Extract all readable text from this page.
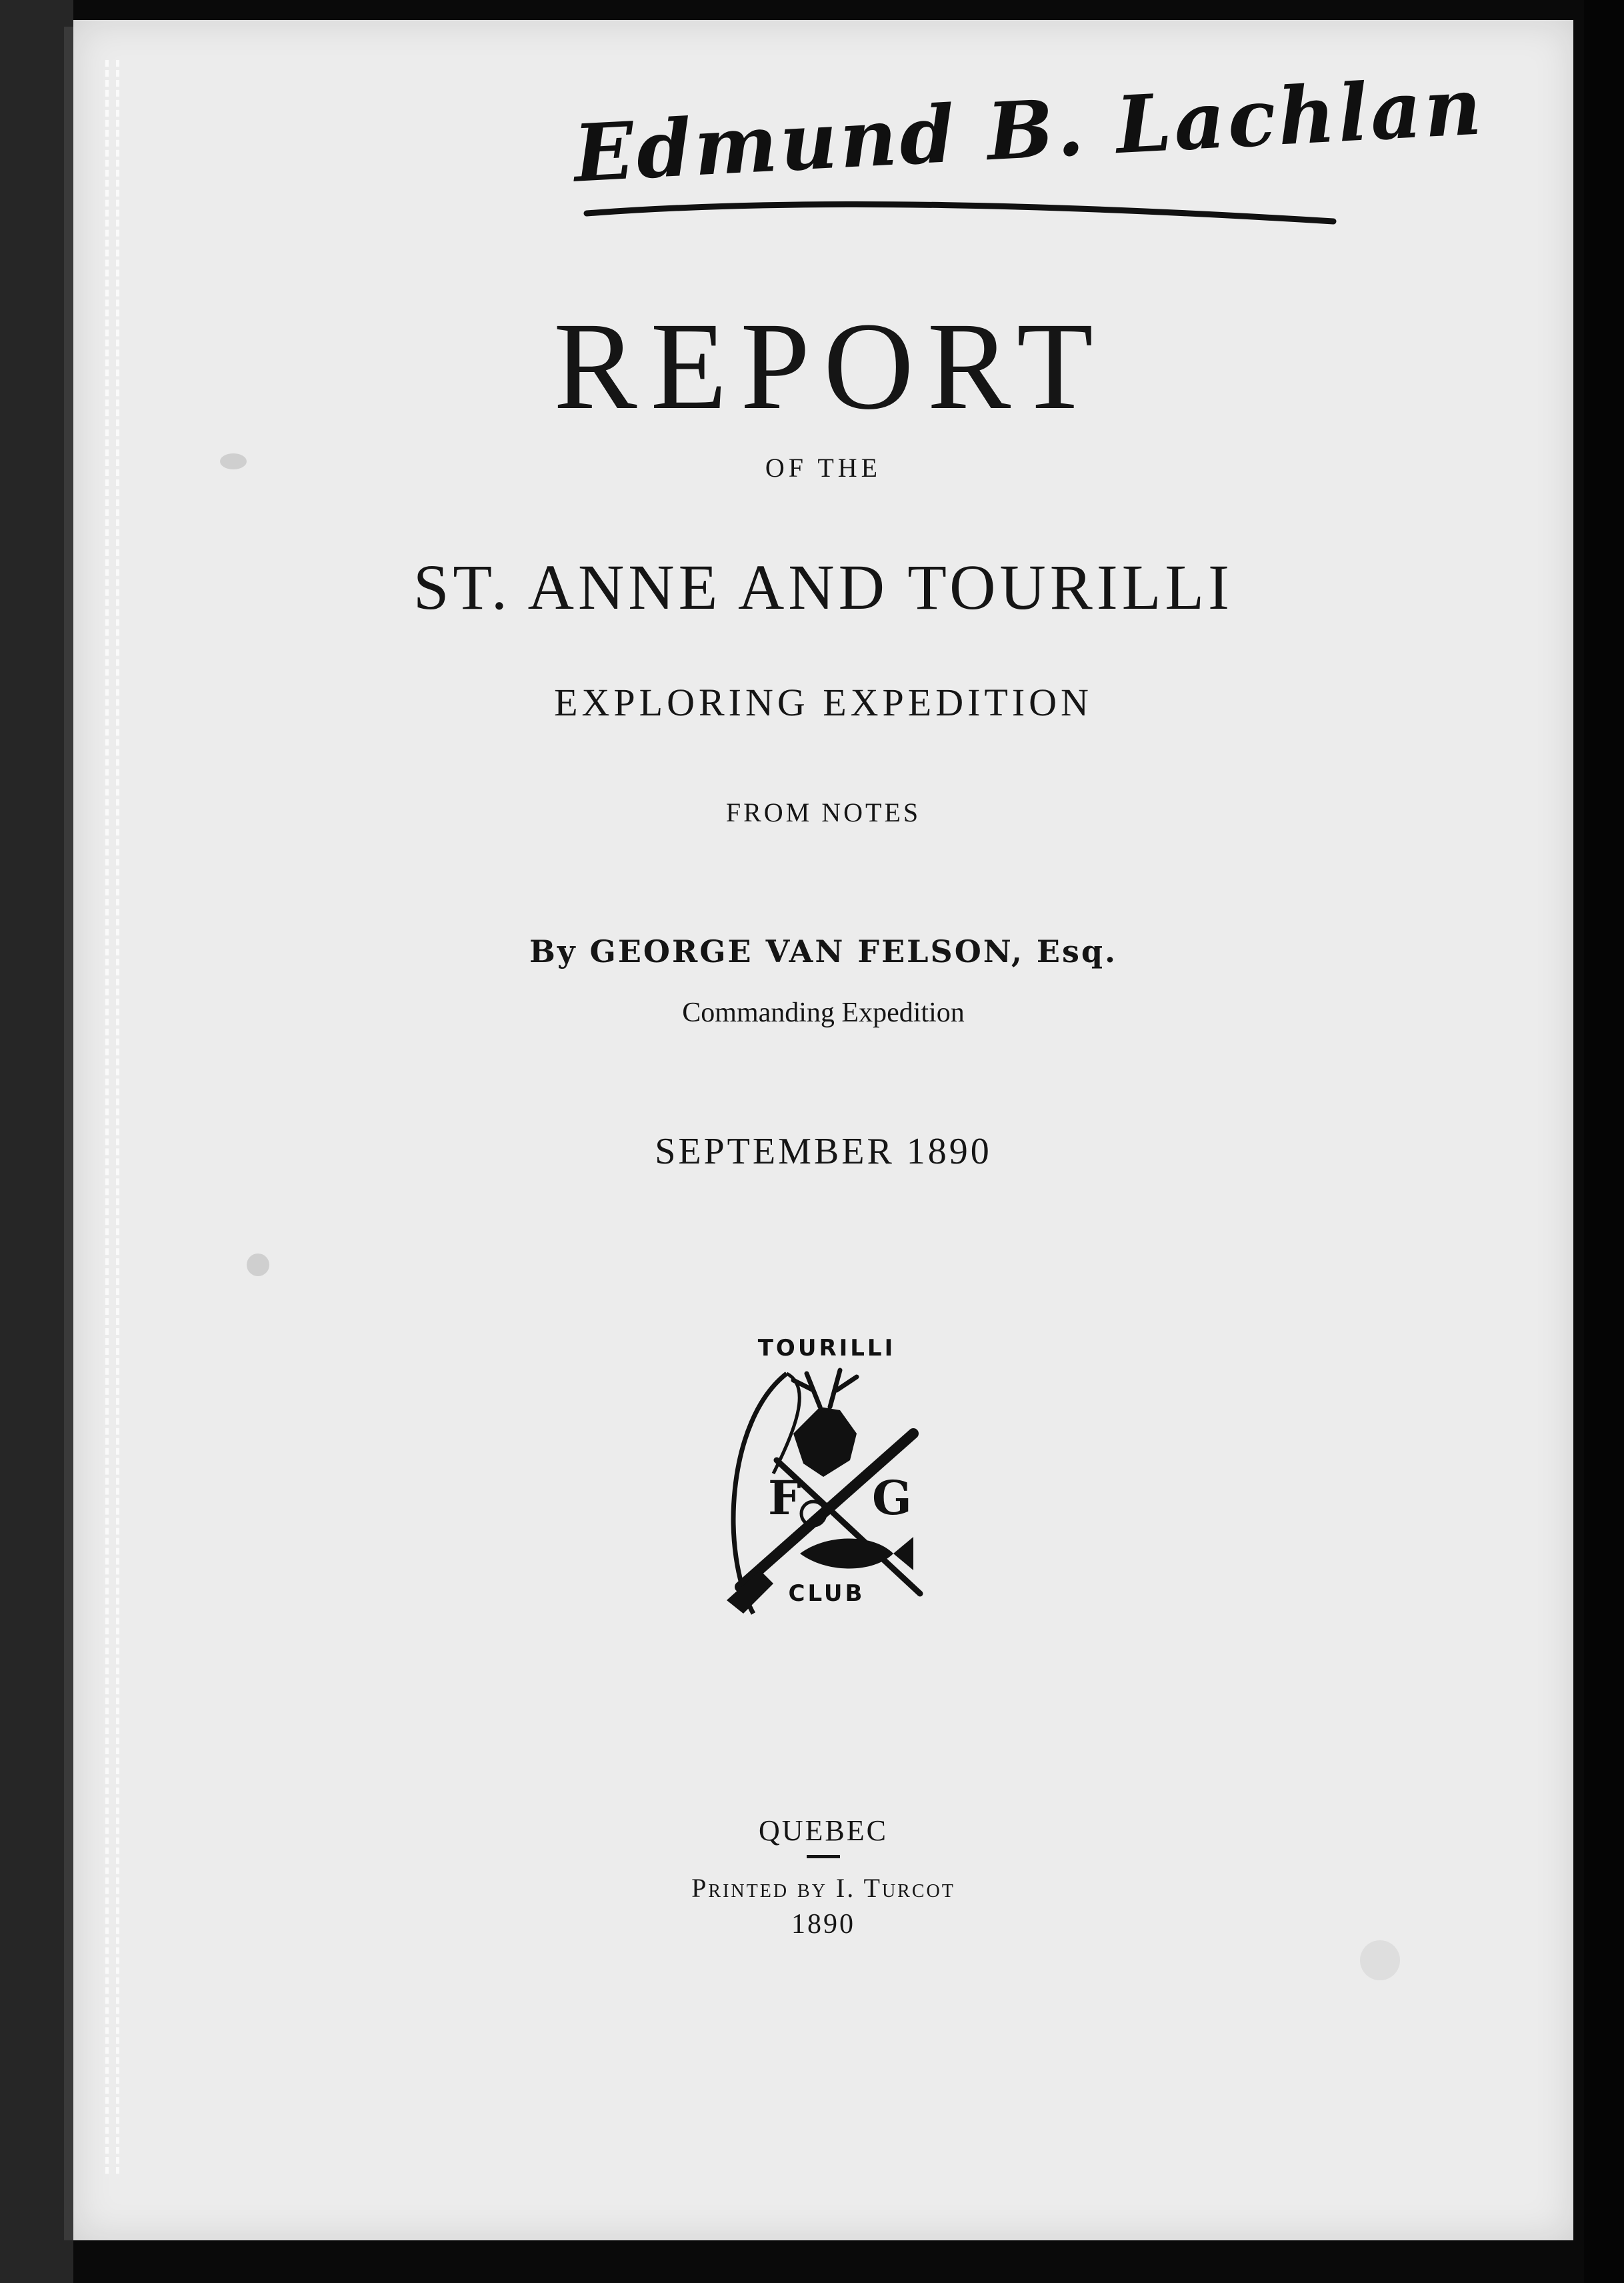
Edmund B. Lachlan
REPORT
OF THE
ST. ANNE AND TOURILLI
EXPLORING EXPEDITION
FROM NOTES
By GEORGE VAN FELSON, Esq.
Commanding Expedition
SEPTEMBER 1890
TOURILLI
F G
CLUB
QUEBEC
Printed by I. Turcot
1890
